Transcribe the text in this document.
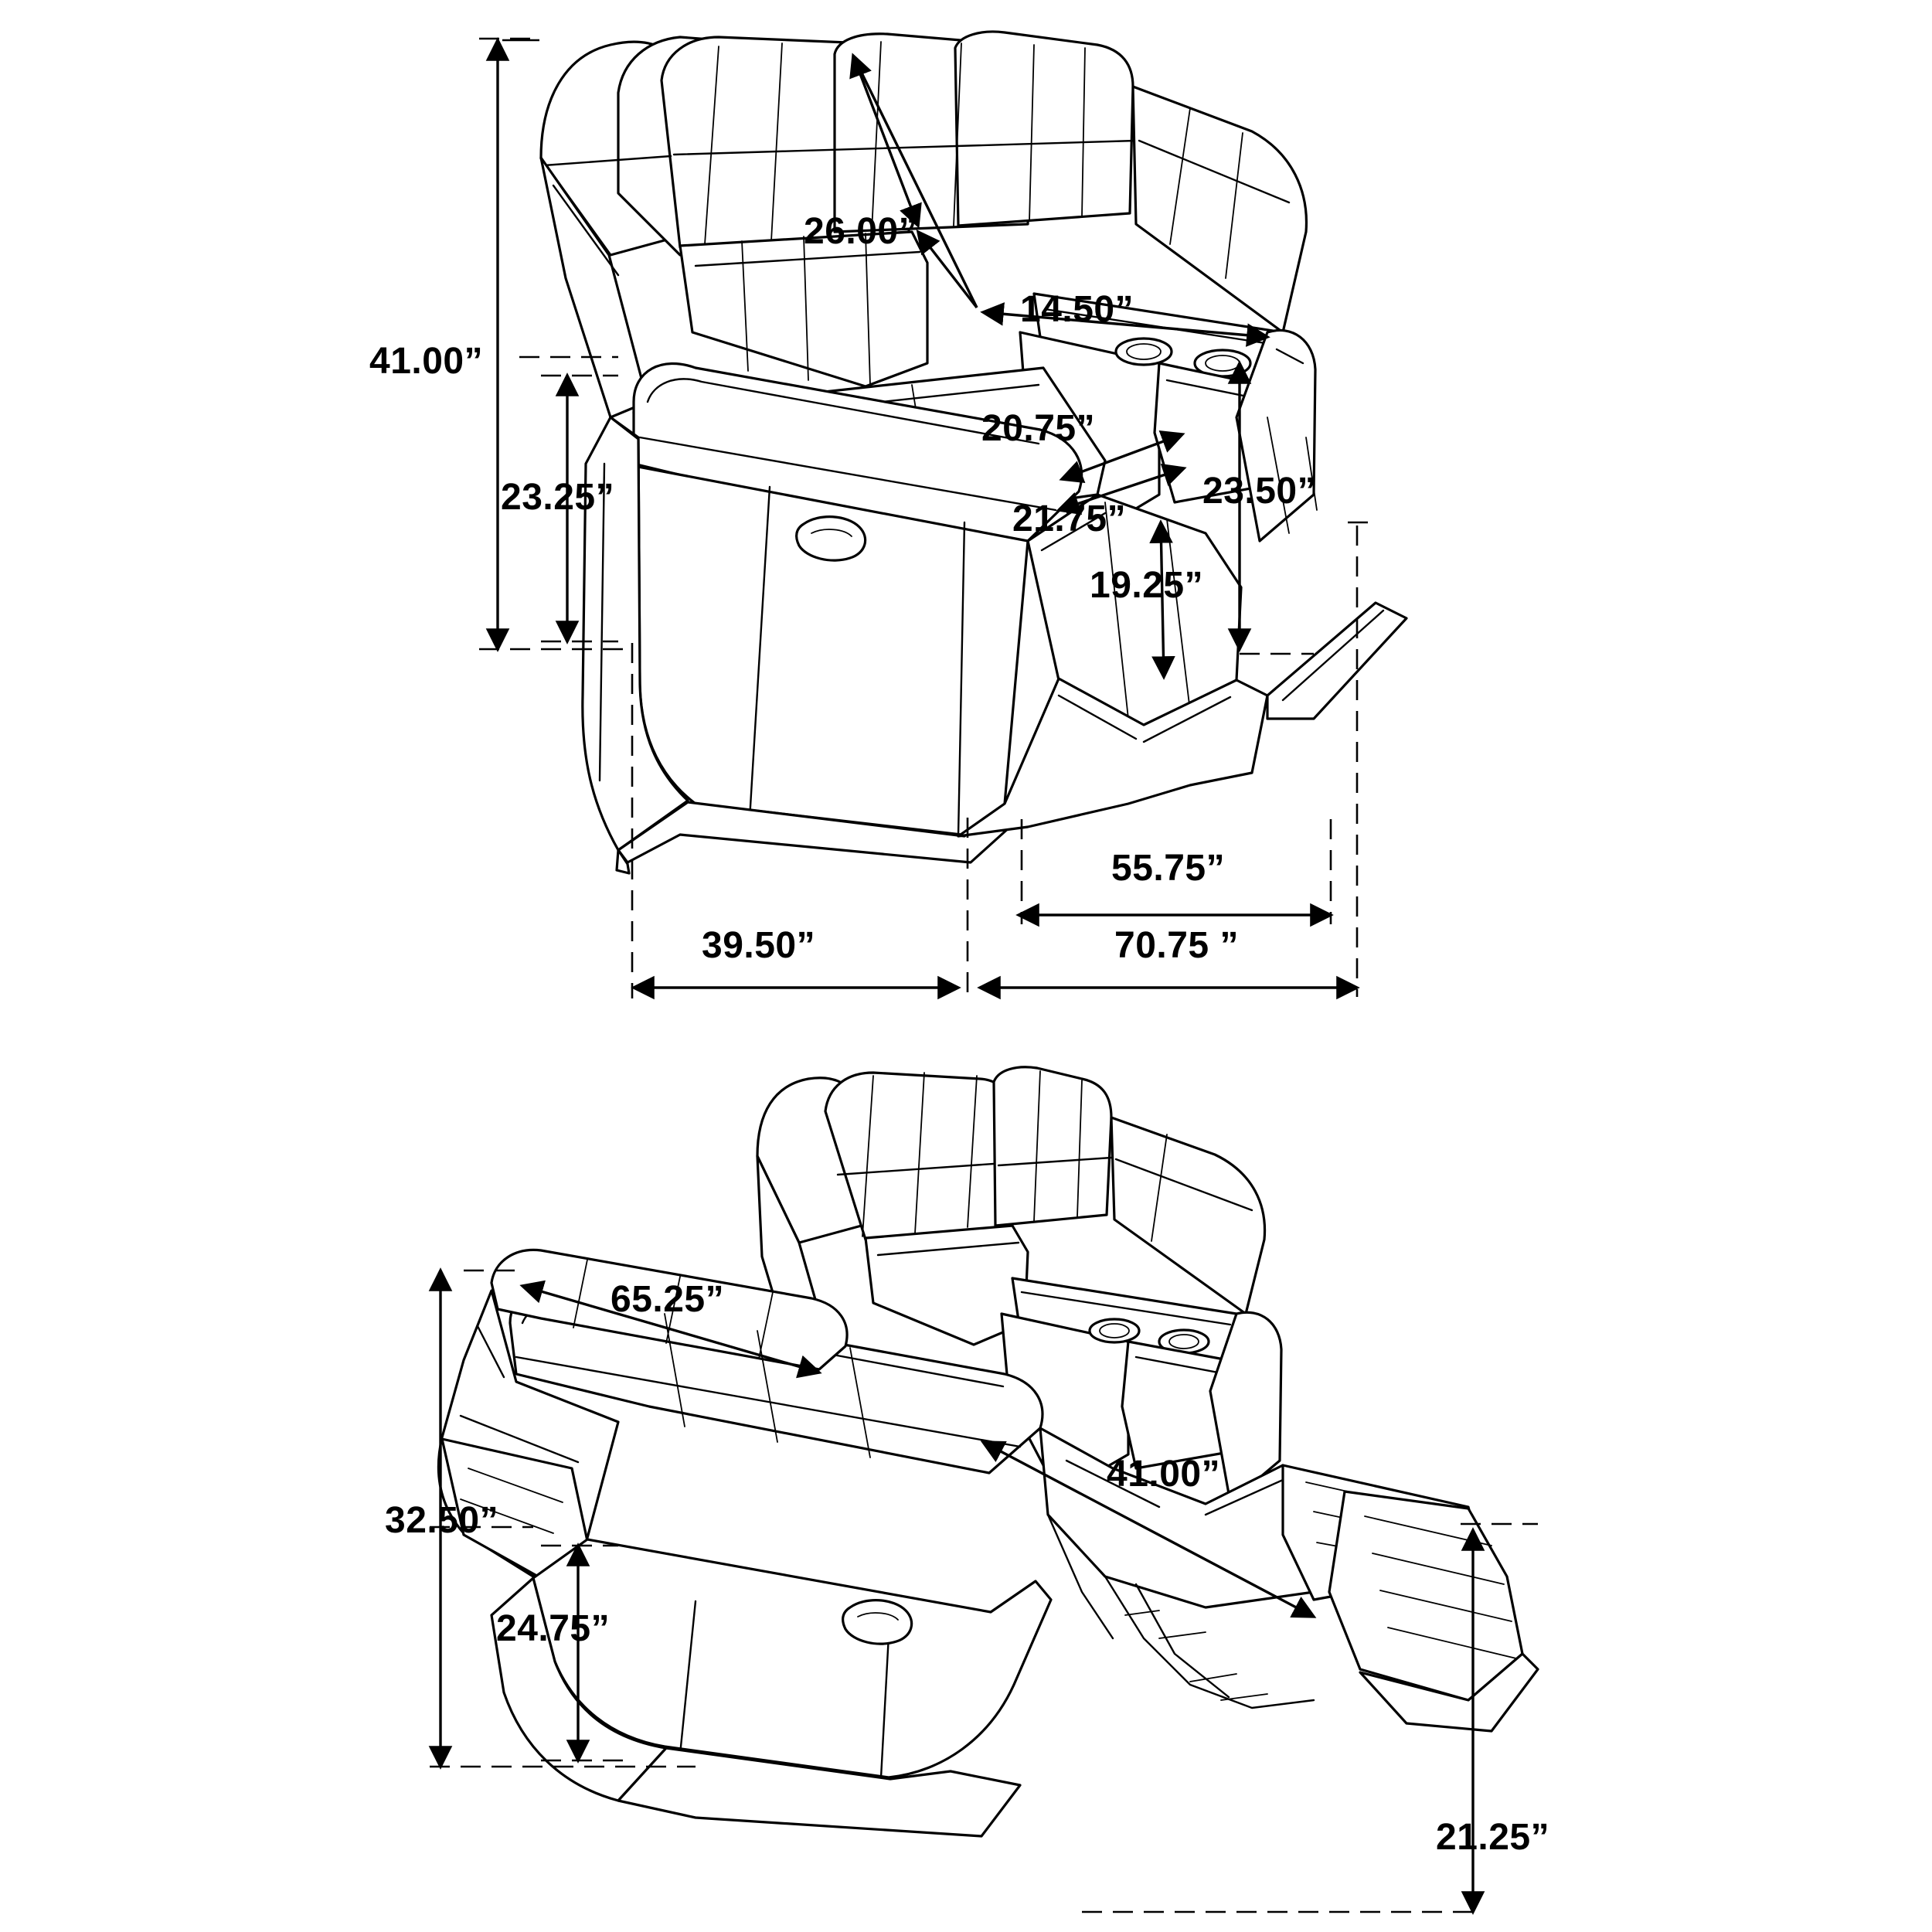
41.00”
26.00”
14.50”
20.75”
21.75”
23.25”	23.50”
19.25”
55.75”
70.75 ”
39.50”
65.25”
32.50”
24.75”
41.00”
21.25”
